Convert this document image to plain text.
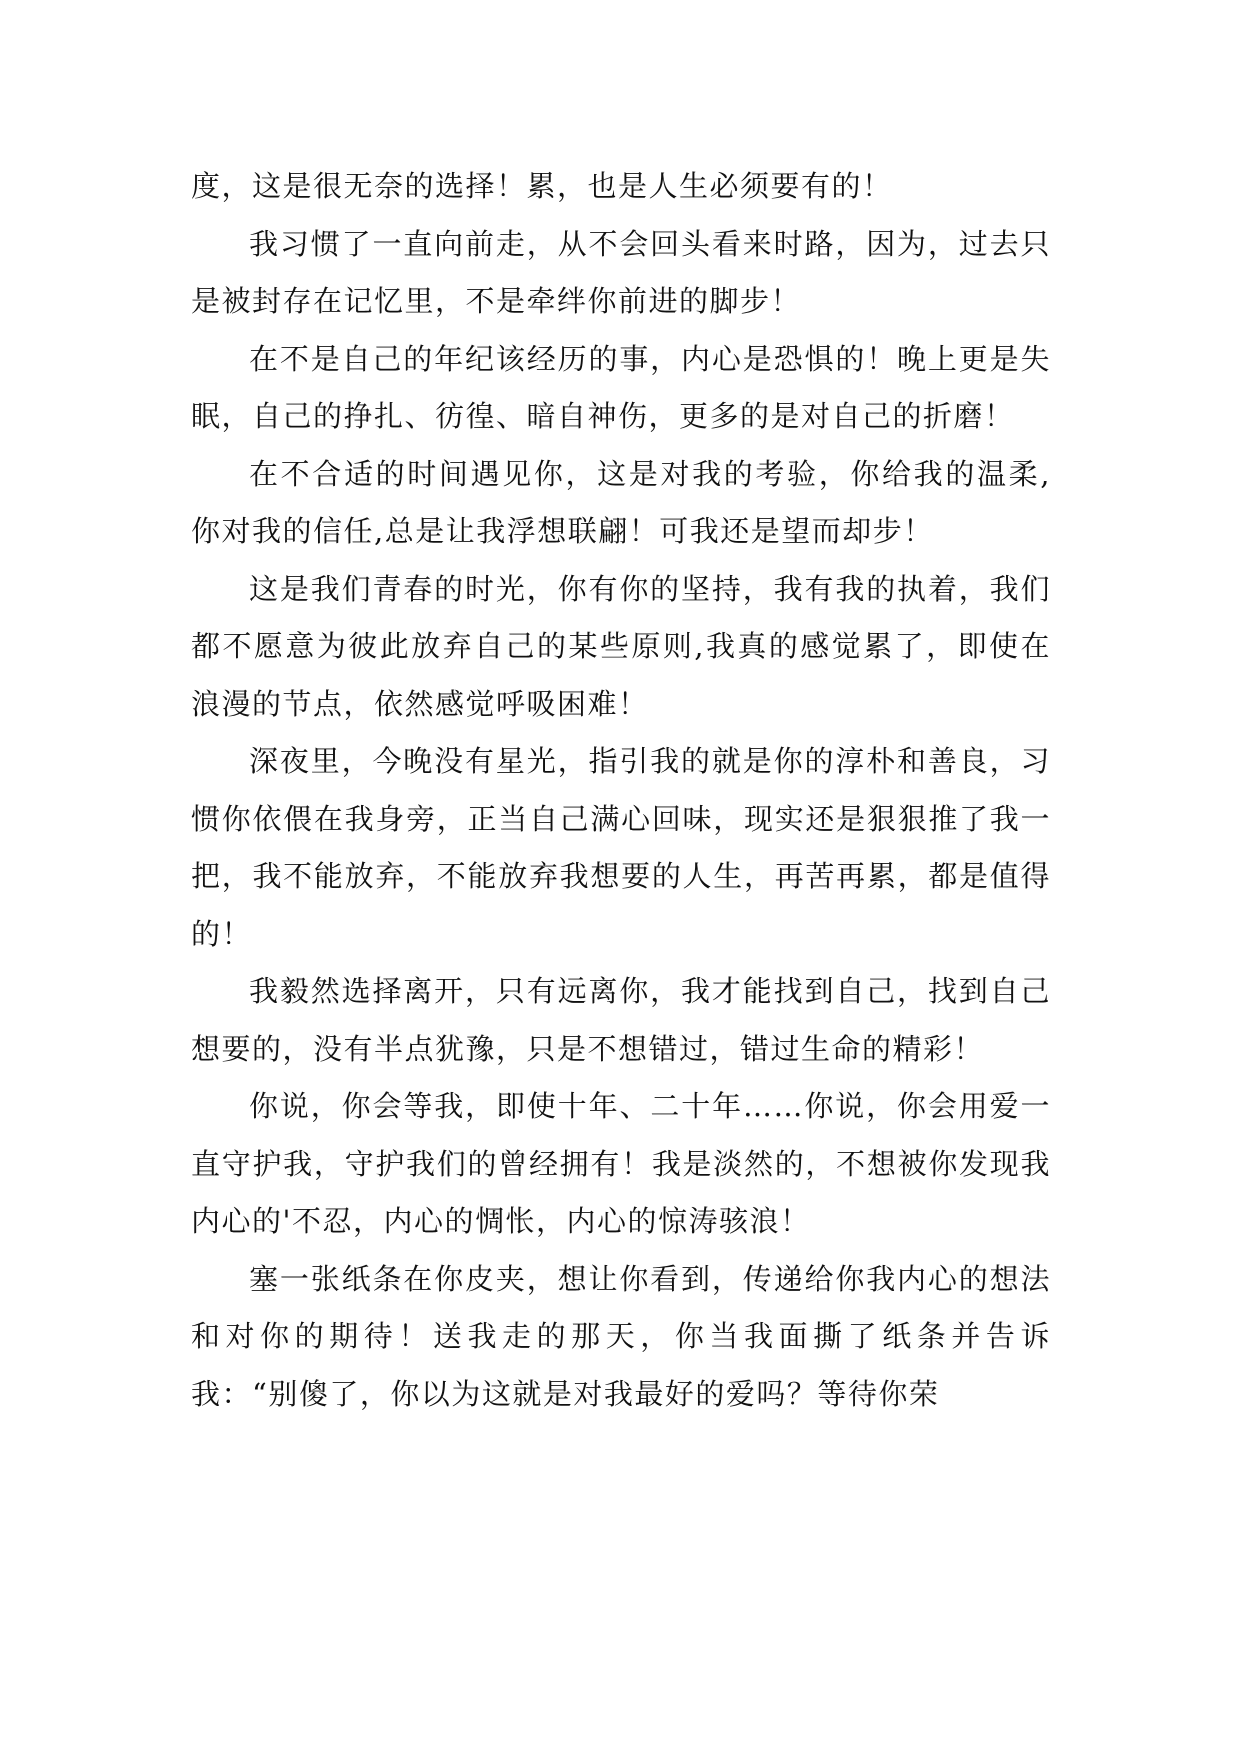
度，这是很无奈的选择！累，也是人生必须要有的！

我习惯了一直向前走，从不会回头看来时路，因为，过去只是被封存在记忆里，不是牵绊你前进的脚步！

在不是自己的年纪该经历的事，内心是恐惧的！晚上更是失眠，自己的挣扎、彷徨、暗自神伤，更多的是对自己的折磨！

在不合适的时间遇见你，这是对我的考验，你给我的温柔,你对我的信任,总是让我浮想联翩！可我还是望而却步！

这是我们青春的时光，你有你的坚持，我有我的执着，我们都不愿意为彼此放弃自己的某些原则,我真的感觉累了，即使在浪漫的节点，依然感觉呼吸困难！

深夜里，今晚没有星光，指引我的就是你的淳朴和善良，习惯你依偎在我身旁，正当自己满心回味，现实还是狠狠推了我一把，我不能放弃，不能放弃我想要的人生，再苦再累，都是值得的！

我毅然选择离开，只有远离你，我才能找到自己，找到自己想要的，没有半点犹豫，只是不想错过，错过生命的精彩！

你说，你会等我，即使十年、二十年……你说，你会用爱一直守护我，守护我们的曾经拥有！我是淡然的，不想被你发现我内心的'不忍，内心的惆怅，内心的惊涛骇浪！

塞一张纸条在你皮夹，想让你看到，传递给你我内心的想法和对你的期待！送我走的那天，你当我面撕了纸条并告诉我：“别傻了，你以为这就是对我最好的爱吗？等待你荣
